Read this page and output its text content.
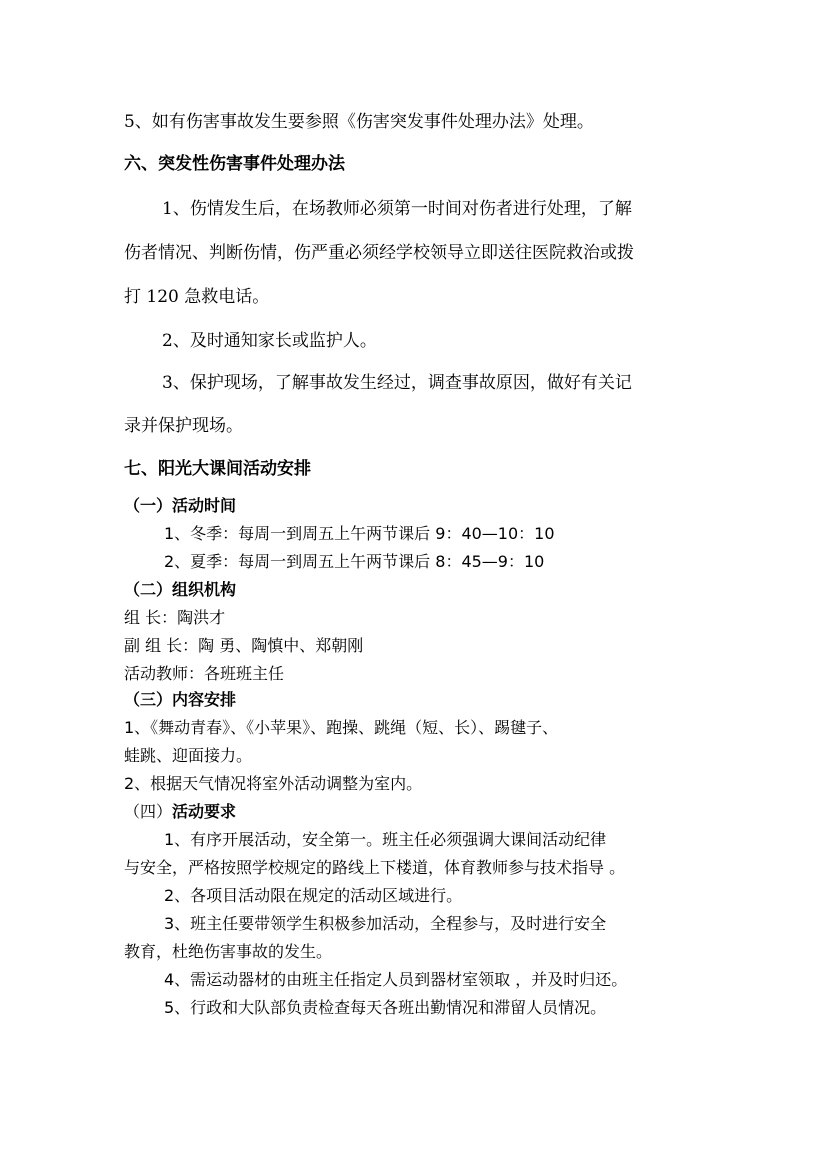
5、如有伤害事故发生要参照《伤害突发事件处理办法》处理。
六、突发性伤害事件处理办法
1、伤情发生后，在场教师必须第一时间对伤者进行处理，了解
伤者情况、判断伤情，伤严重必须经学校领导立即送往医院救治或拨
打 120 急救电话。
2、及时通知家长或监护人。
3、保护现场，了解事故发生经过，调查事故原因，做好有关记
录并保护现场。
七、阳光大课间活动安排
（一）活动时间
1、冬季：每周一到周五上午两节课后 9：40—10：10
2、夏季：每周一到周五上午两节课后 8：45—9：10
（二）组织机构
组 长：陶洪才
副 组 长：陶 勇、陶慎中、郑朝刚
活动教师：各班班主任
（三）内容安排
1、《舞动青春》、《小苹果》、跑操、跳绳（短、长）、踢毽子、
蛙跳、迎面接力。
2、根据天气情况将室外活动调整为室内。
（四）活动要求
1、有序开展活动，安全第一。班主任必须强调大课间活动纪律
与安全，严格按照学校规定的路线上下楼道，体育教师参与技术指导 。
2、各项目活动限在规定的活动区域进行。
3、班主任要带领学生积极参加活动，全程参与，及时进行安全
教育，杜绝伤害事故的发生。
4、需运动器材的由班主任指定人员到器材室领取 ，并及时归还。
5、行政和大队部负责检查每天各班出勤情况和滞留人员情况。
